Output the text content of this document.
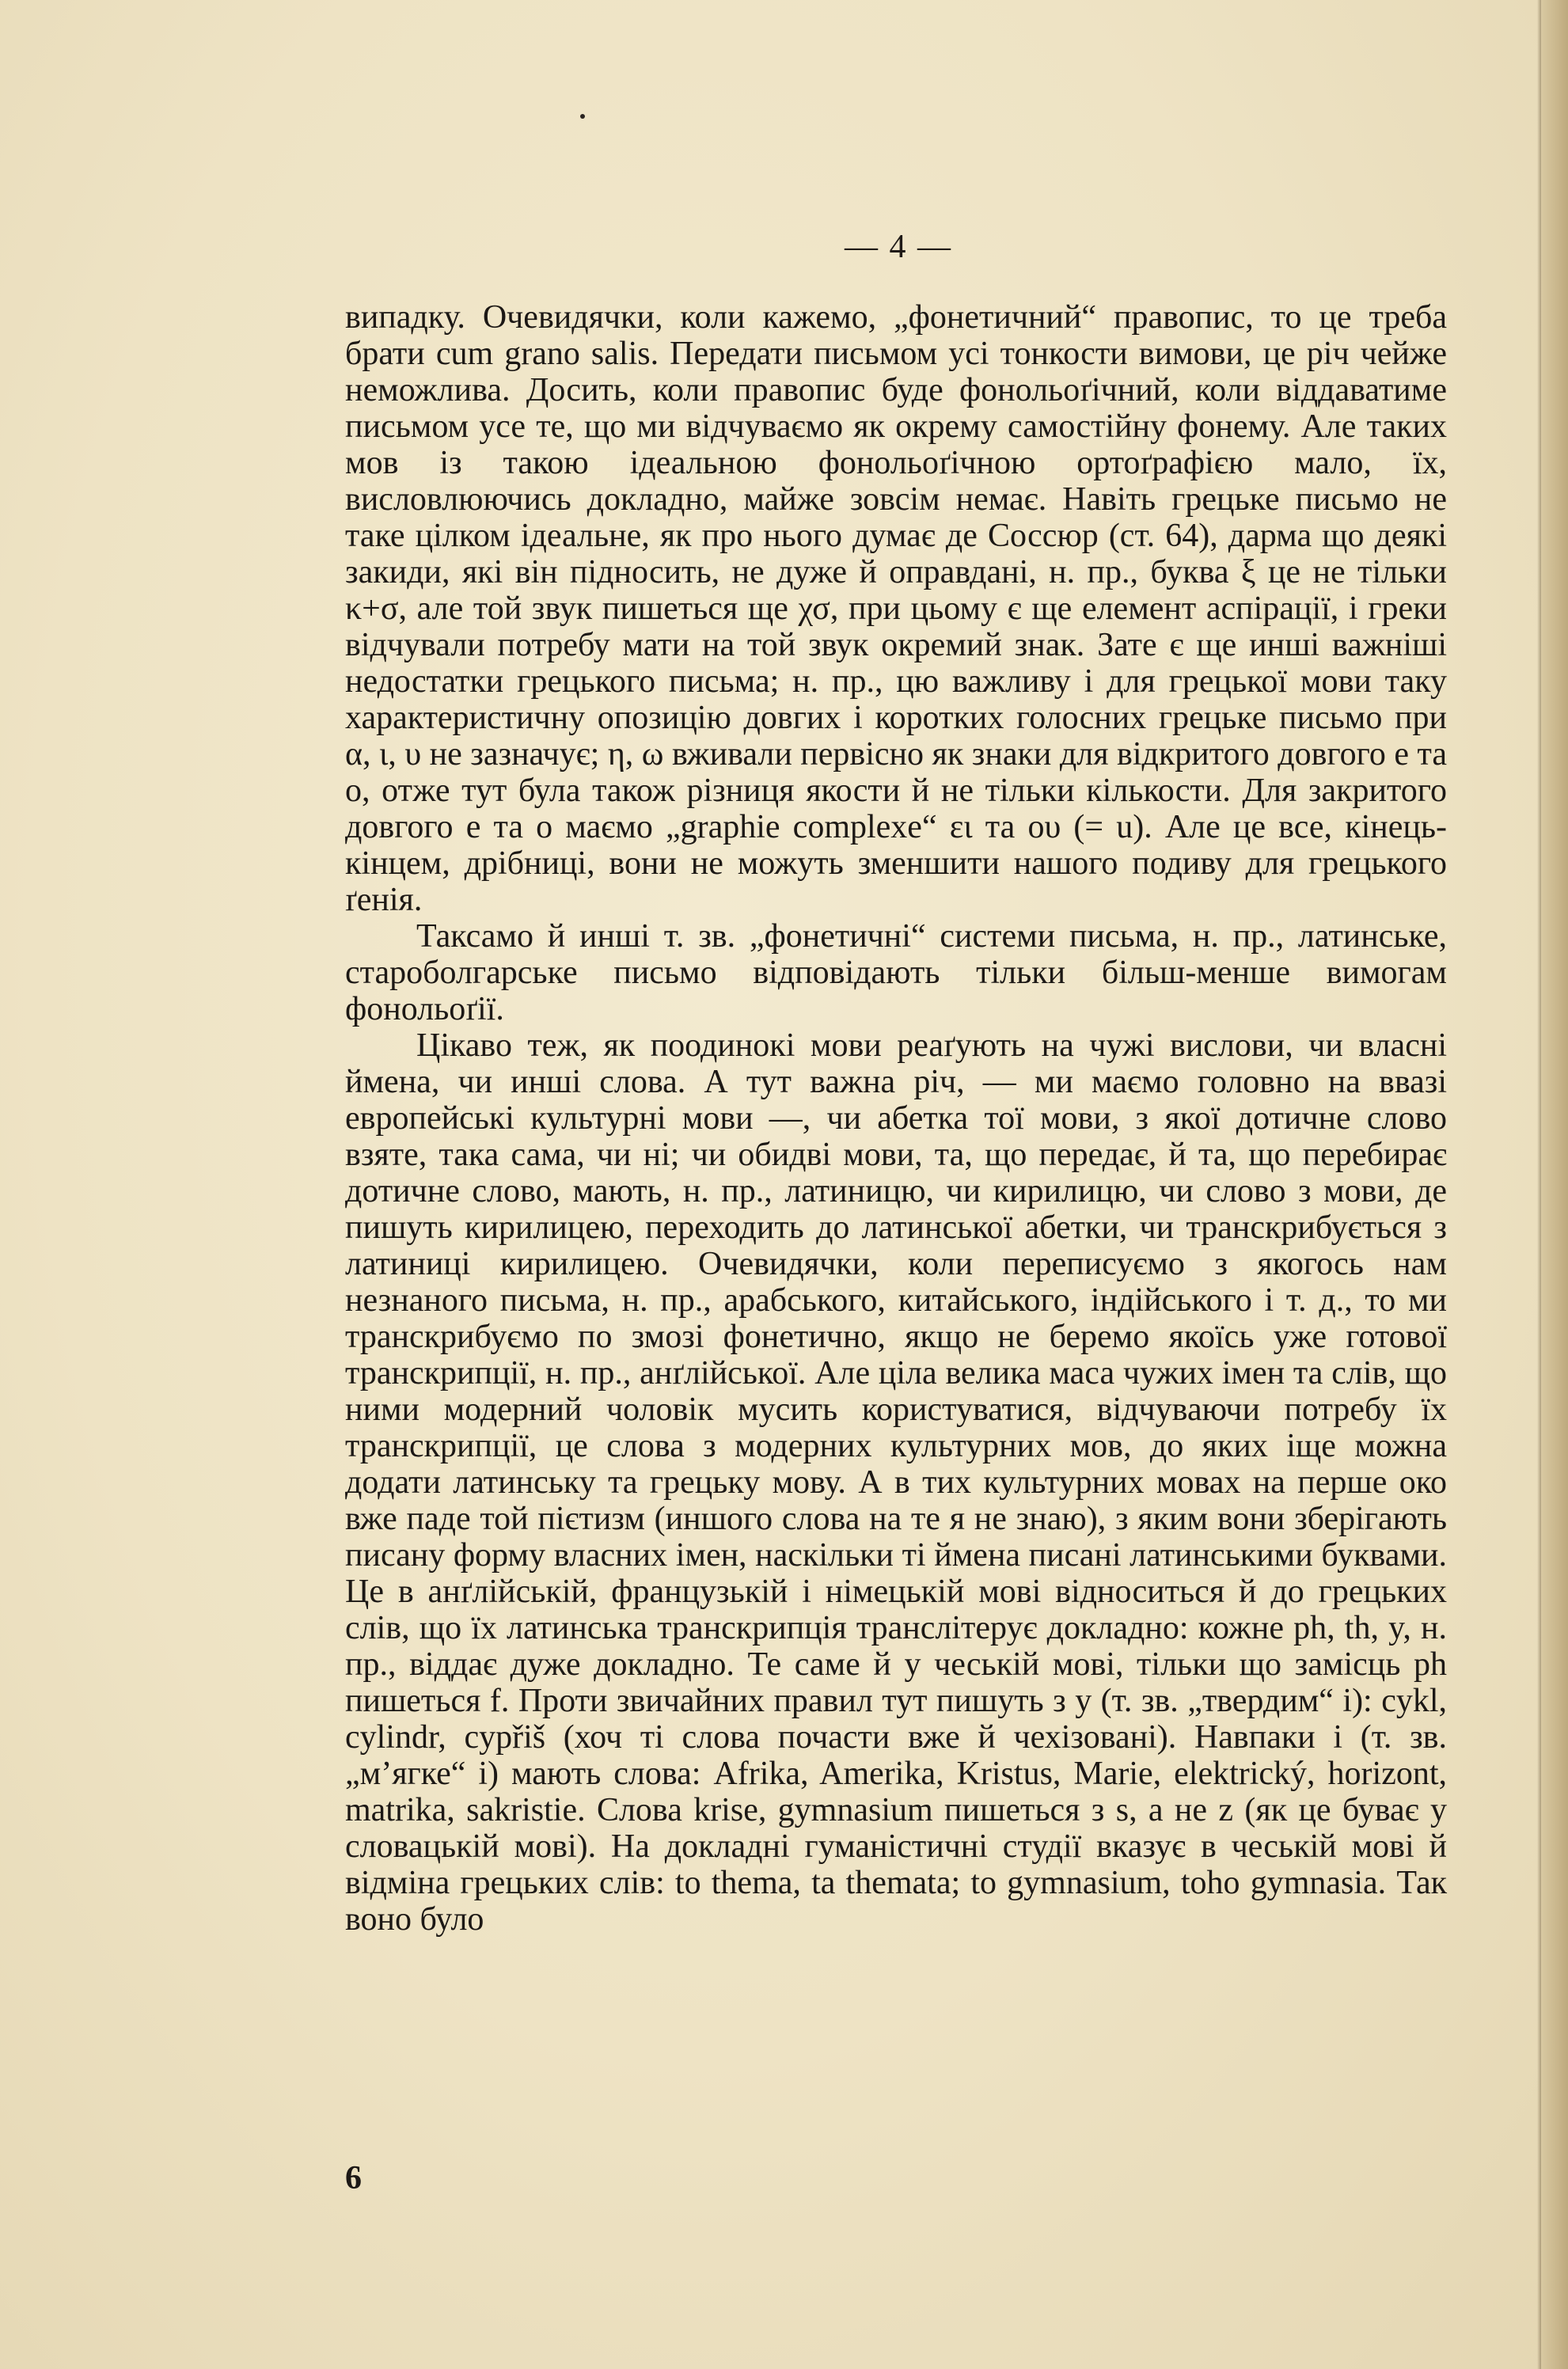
— 4 —

випадку. Очевидячки, коли кажемо, „фонетичний“ правопис, то це треба брати cum grano salis. Передати письмом усі тонкости вимови, це річ чейже неможлива. Досить, коли правопис буде фонольоґічний, коли віддаватиме письмом усе те, що ми відчуваємо як окрему самостійну фонему. Але таких мов із такою ідеальною фонольоґічною ортоґрафією мало, їх, висловлюючись докладно, майже зовсім немає. Навіть грецьке письмо не таке цілком ідеальне, як про нього думає де Соссюр (ст. 64), дарма що деякі закиди, які він підносить, не дуже й оправдані, н. пр., буква ξ це не тільки κ+σ, але той звук пишеться ще χσ, при цьому є ще елемент аспірації, і греки відчували потребу мати на той звук окремий знак. Зате є ще инші важніші недостатки грецького письма; н. пр., цю важливу і для грецької мови таку характеристичну опозицію довгих і коротких голосних грецьке письмо при α, ι, υ не зазначує; η, ω вживали первісно як знаки для відкритого довгого е та о, отже тут була також різниця якости й не тільки кількости. Для закритого довгого е та о маємо „graphie complexe“ ει та ου (= u). Але це все, кінець-кінцем, дрібниці, вони не можуть зменшити нашого подиву для грецького ґенія.

Таксамо й инші т. зв. „фонетичні“ системи письма, н. пр., латинське, староболгарське письмо відповідають тільки більш-менше вимогам фонольоґії.

Цікаво теж, як поодинокі мови реаґують на чужі вислови, чи власні ймена, чи инші слова. А тут важна річ, — ми маємо головно на ввазі европейські культурні мови —, чи абетка тої мови, з якої дотичне слово взяте, така сама, чи ні; чи обидві мови, та, що передає, й та, що перебирає дотичне слово, мають, н. пр., латиницю, чи кирилицю, чи слово з мови, де пишуть кирилицею, переходить до латинської абетки, чи транскрибується з латиниці кирилицею. Очевидячки, коли переписуємо з якогось нам незнаного письма, н. пр., арабського, китайського, індійського і т. д., то ми транскрибуємо по змозі фонетично, якщо не беремо якоїсь уже готової транскрипції, н. пр., анґлійської. Але ціла велика маса чужих імен та слів, що ними модерний чоловік мусить користуватися, відчуваючи потребу їх транскрипції, це слова з модерних культурних мов, до яких іще можна додати латинську та грецьку мову. А в тих культурних мовах на перше око вже паде той пієтизм (иншого слова на те я не знаю), з яким вони зберігають писану форму власних імен, наскільки ті ймена писані латинськими буквами. Це в анґлійській, французькій і німецькій мові відноситься й до грецьких слів, що їх латинська транскрипція транслітерує докладно: кожне ph, th, y, н. пр., віддає дуже докладно. Те саме й у чеській мові, тільки що замісць ph пишеться f. Проти звичайних правил тут пишуть з y (т. зв. „твердим“ i): cykl, cylindr, cypřiš (хоч ті слова почасти вже й чехізовані). Навпаки i (т. зв. „м’ягке“ i) мають слова: Afrika, Amerika, Kristus, Marie, elektrický, horizont, matrika, sakristie. Слова krise, gymnasium пишеться з s, а не z (як це буває у словацькій мові). На докладні гуманістичні студії вказує в чеській мові й відміна грецьких слів: to thema, ta themata; to gymnasium, toho gymnasia. Так воно було

6
